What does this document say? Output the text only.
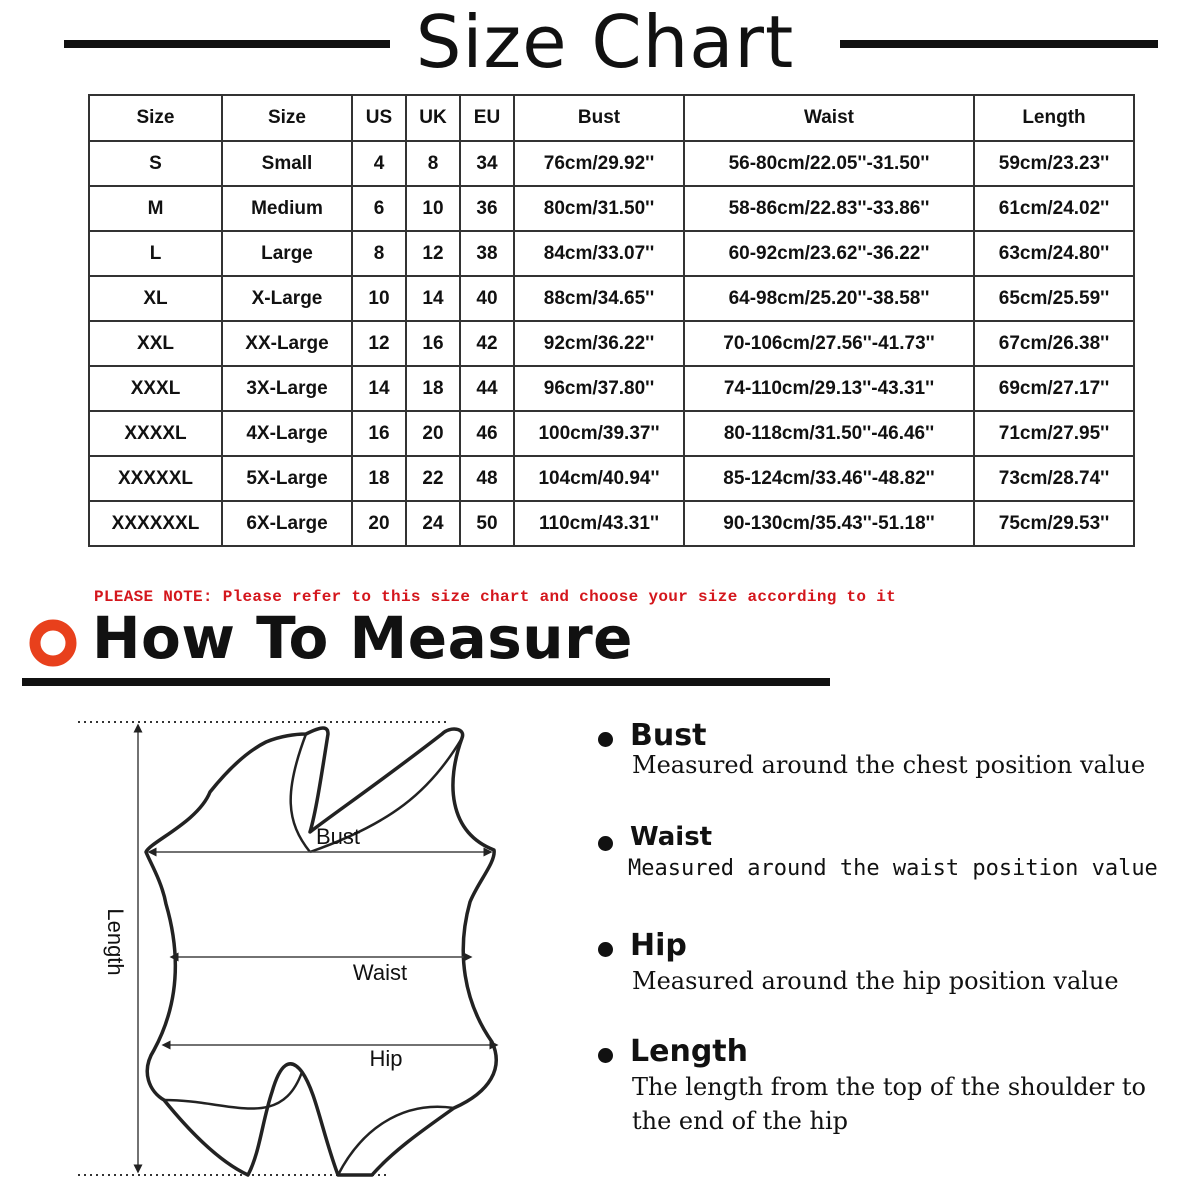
Size Chart
Size	Size	US	UK	EU	Bust	Waist	Length
S	Small	4	8	34	76cm/29.92''	56-80cm/22.05''-31.50''	59cm/23.23''
M	Medium	6	10	36	80cm/31.50''	58-86cm/22.83''-33.86''	61cm/24.02''
L	Large	8	12	38	84cm/33.07''	60-92cm/23.62''-36.22''	63cm/24.80''
XL	X-Large	10	14	40	88cm/34.65''	64-98cm/25.20''-38.58''	65cm/25.59''
XXL	XX-Large	12	16	42	92cm/36.22''	70-106cm/27.56''-41.73''	67cm/26.38''
XXXL	3X-Large	14	18	44	96cm/37.80''	74-110cm/29.13''-43.31''	69cm/27.17''
XXXXL	4X-Large	16	20	46	100cm/39.37''	80-118cm/31.50''-46.46''	71cm/27.95''
XXXXXL	5X-Large	18	22	48	104cm/40.94''	85-124cm/33.46''-48.82''	73cm/28.74''
XXXXXXL	6X-Large	20	24	50	110cm/43.31''	90-130cm/35.43''-51.18''	75cm/29.53''
PLEASE NOTE: Please refer to this size chart and choose your size according to it
How To Measure
Bust
Waist
Hip
Length
Bust
Measured around the chest position value
Waist
Measured around the waist position value
Hip
Measured around the hip position value
Length
The length from the top of the shoulder to
the end of the hip
